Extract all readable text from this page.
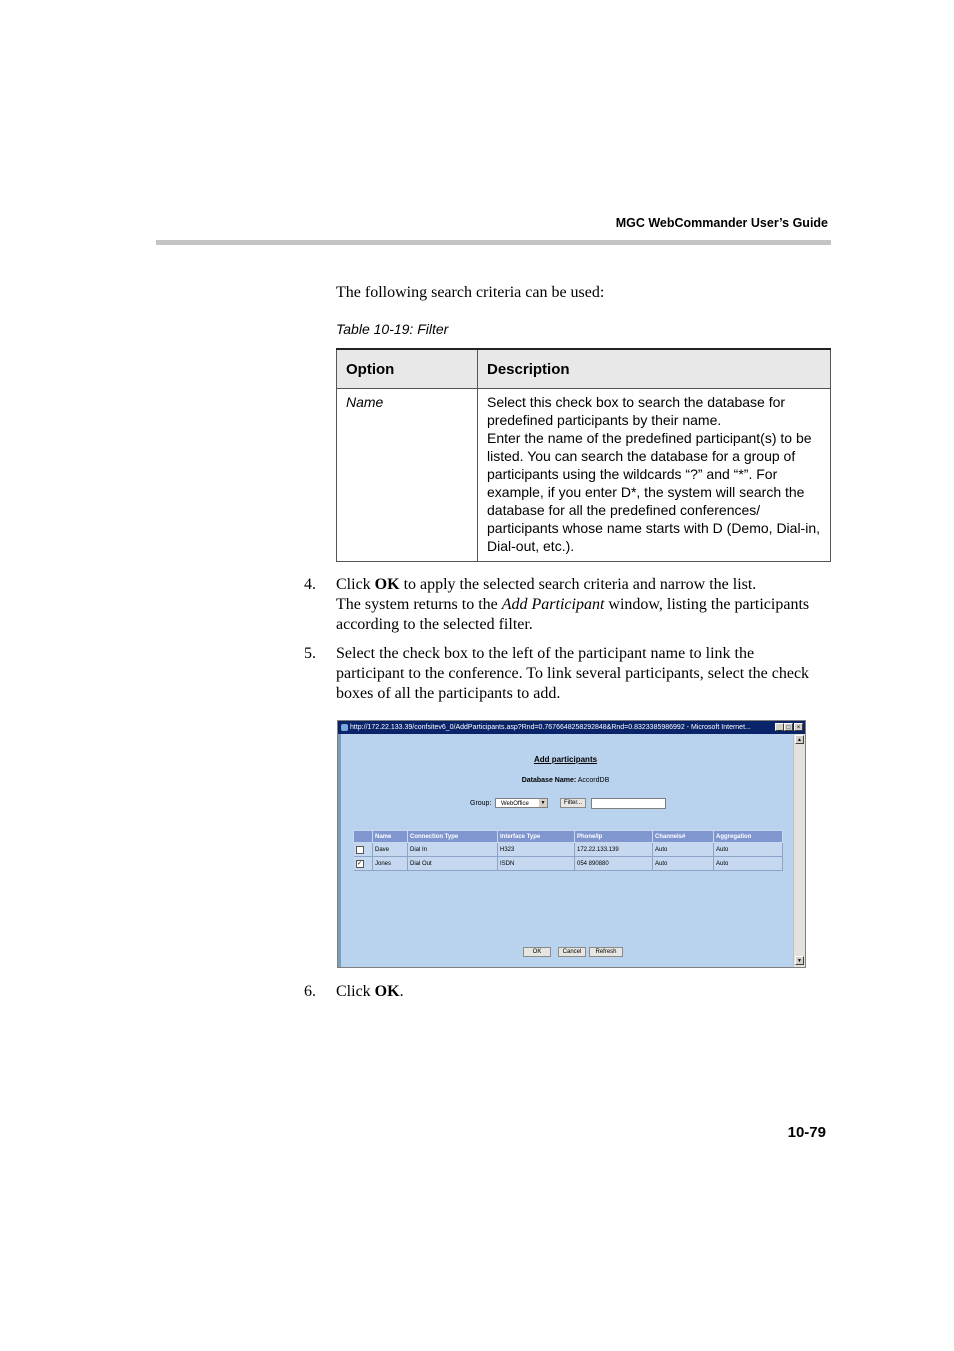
MGC WebCommander User’s Guide
The following search criteria can be used:
Table 10-19: Filter
Option	Description
Name	Select this check box to search the database for predefined participants by their name.
Enter the name of the predefined participant(s) to be listed. You can search the database for a group of participants using the wildcards “?” and “*”. For example, if you enter D*, the system will search the database for all the predefined conferences/ participants whose name starts with D (Demo, Dial-in, Dial-out, etc.).
4. Click OK to apply the selected search criteria and narrow the list.

The system returns to the Add Participant window, listing the participants according to the selected filter.

5. Select the check box to the left of the participant name to link the participant to the conference. To link several participants, select the check boxes of all the participants to add.

http://172.22.133.39/confsitev6_0/AddParticipants.asp?Rnd=0.7676648258292848&Rnd=0.8323385986992 - Microsoft Internet...	_ □	×
▲
▼
Add participants
Database Name: AccordDB
Group:	WebOffice	▼	Filter...
	Name	Connection Type	Interface Type	Phone/Ip	Channels#	Aggregation
	Dave	Dial In	H323	172.22.133.139	Auto	Auto
✓	Jones	Dial Out	ISDN	054 890880	Auto	Auto
OK	Cancel	Refresh
6. Click OK.

10-79
